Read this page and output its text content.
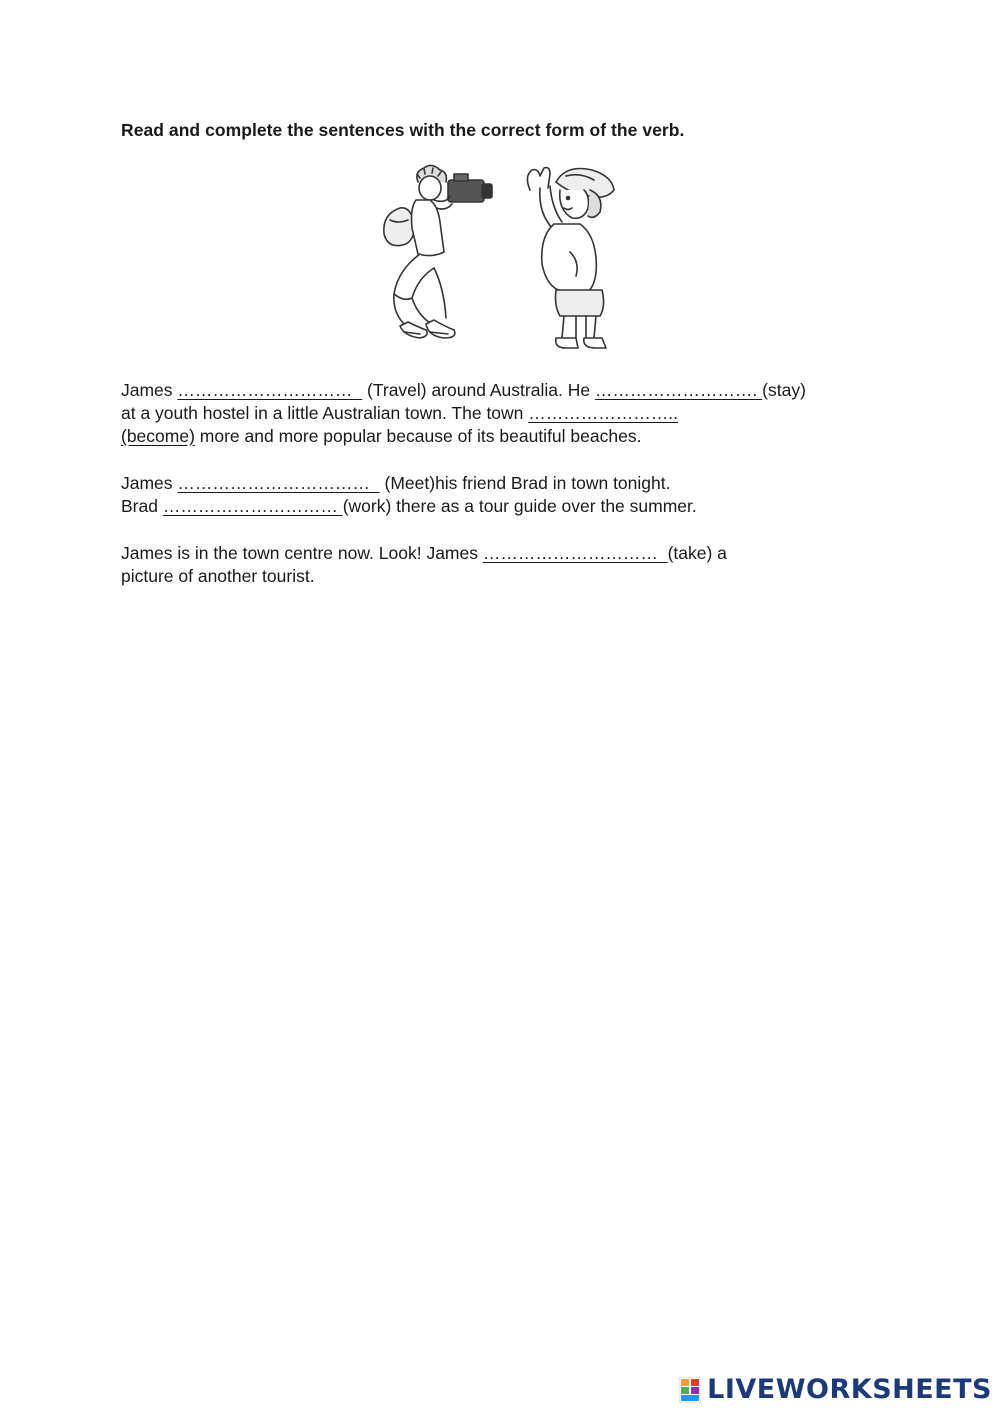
Read and complete the sentences with the correct form of the verb.
James …………………………   (Travel) around Australia. He ………………………. (stay)
at a youth hostel in a little Australian town. The town ……………………..
(become) more and more popular because of its beautiful beaches.
James ……………………………   (Meet)his friend Brad in town tonight.
Brad ………………………… (work) there as a tour guide over the summer.
James is in the town centre now. Look! James …………………………  (take) a
picture of another tourist.
LIVEWORKSHEETS
